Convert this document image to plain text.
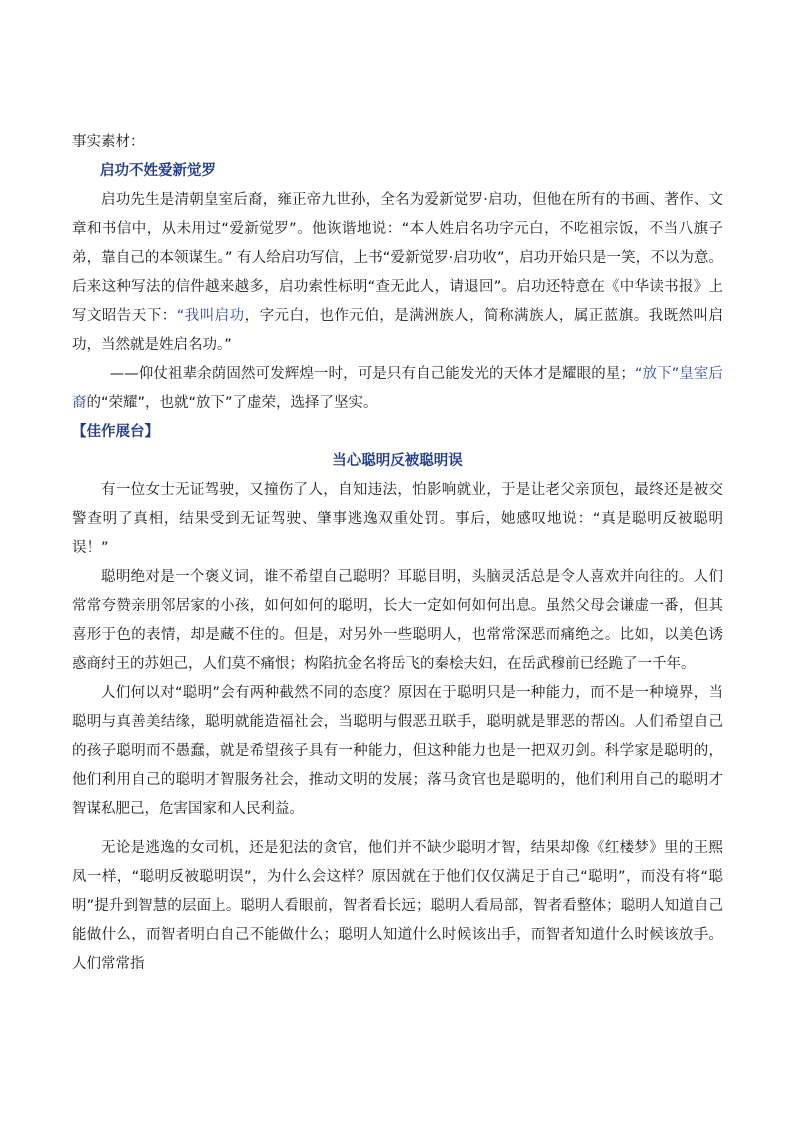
事实素材：

启功不姓爱新觉罗

启功先生是清朝皇室后裔，雍正帝九世孙，全名为爱新觉罗·启功，但他在所有的书画、著作、文章和书信中，从未用过“爱新觉罗”。他诙谐地说：“本人姓启名功字元白，不吃祖宗饭，不当八旗子弟，靠自己的本领谋生。” 有人给启功写信，上书“爱新觉罗·启功收”，启功开始只是一笑，不以为意。后来这种写法的信件越来越多，启功索性标明“查无此人，请退回”。启功还特意在《中华读书报》上写文昭告天下：“我叫启功，字元白，也作元伯，是满洲族人，简称满族人，属正蓝旗。我既然叫启功，当然就是姓启名功。”

——仰仗祖辈余荫固然可发辉煌一时，可是只有自己能发光的天体才是耀眼的星；“放下”皇室后裔的“荣耀”，也就“放下”了虚荣，选择了坚实。

【佳作展台】

当心聪明反被聪明误

有一位女士无证驾驶，又撞伤了人，自知违法，怕影响就业，于是让老父亲顶包，最终还是被交警查明了真相，结果受到无证驾驶、肇事逃逸双重处罚。事后，她感叹地说：“真是聪明反被聪明误！”

聪明绝对是一个褒义词，谁不希望自己聪明？耳聪目明，头脑灵活总是令人喜欢并向往的。人们常常夸赞亲朋邻居家的小孩，如何如何的聪明，长大一定如何如何出息。虽然父母会谦虚一番，但其喜形于色的表情，却是藏不住的。但是，对另外一些聪明人，也常常深恶而痛绝之。比如，以美色诱惑商纣王的苏妲己，人们莫不痛恨；构陷抗金名将岳飞的秦桧夫妇，在岳武穆前已经跪了一千年。

人们何以对“聪明”会有两种截然不同的态度？原因在于聪明只是一种能力，而不是一种境界，当聪明与真善美结缘，聪明就能造福社会，当聪明与假恶丑联手，聪明就是罪恶的帮凶。人们希望自己的孩子聪明而不愚蠢，就是希望孩子具有一种能力，但这种能力也是一把双刃剑。科学家是聪明的，他们利用自己的聪明才智服务社会，推动文明的发展；落马贪官也是聪明的，他们利用自己的聪明才智谋私肥己，危害国家和人民利益。

无论是逃逸的女司机，还是犯法的贪官，他们并不缺少聪明才智，结果却像《红楼梦》里的王熙凤一样，“聪明反被聪明误”，为什么会这样？原因就在于他们仅仅满足于自己“聪明”，而没有将“聪明”提升到智慧的层面上。聪明人看眼前，智者看长远；聪明人看局部，智者看整体；聪明人知道自己能做什么，而智者明白自己不能做什么；聪明人知道什么时候该出手，而智者知道什么时候该放手。人们常常指
